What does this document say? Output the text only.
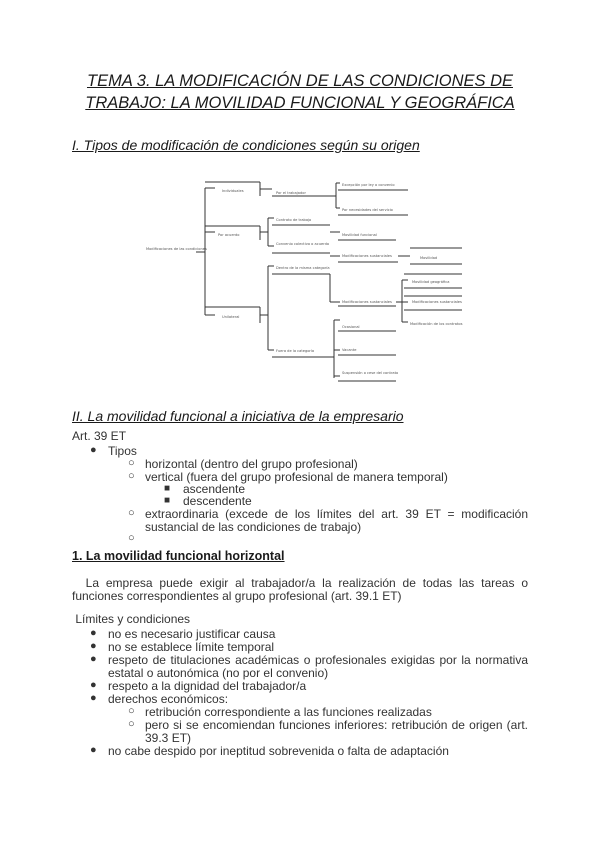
TEMA 3. LA MODIFICACIÓN DE LAS CONDICIONES DE
TRABAJO: LA MOVILIDAD FUNCIONAL Y GEOGRÁFICA
I. Tipos de modificación de condiciones según su origen
Modificaciones de las condiciones
Individuales
Por acuerdo
Unilateral
Por el trabajador
Contrato de trabajo
Convenio colectivo o acuerdo
Dentro de la misma categoría
Fuera de la categoría
Excepción por ley o convenio
Por necesidades del servicio
Movilidad funcional
Modificaciones sustanciales
Modificaciones sustanciales
Ocasional
Vacante
Suspensión o cese del contrato
Movilidad
Movilidad geográfica
Modificaciones sustanciales
Modificación de los contratos
II. La movilidad funcional a iniciativa de la empresario
Art. 39 ET
● Tipos
○ horizontal (dentro del grupo profesional)
○ vertical (fuera del grupo profesional de manera temporal)
■ ascendente
■ descendente
○ extraordinaria (excede de los límites del art. 39 ET = modificación
sustancial de las condiciones de trabajo)
○
1. La movilidad funcional horizontal
La empresa puede exigir al trabajador/a la realización de todas las tareas o
funciones correspondientes al grupo profesional (art. 39.1 ET)
Límites y condiciones
● no es necesario justificar causa
● no se establece límite temporal
● respeto de titulaciones académicas o profesionales exigidas por la normativa
estatal o autonómica (no por el convenio)
● respeto a la dignidad del trabajador/a
● derechos económicos:
○ retribución correspondiente a las funciones realizadas
○ pero si se encomiendan funciones inferiores: retribución de origen (art.
39.3 ET)
● no cabe despido por ineptitud sobrevenida o falta de adaptación
